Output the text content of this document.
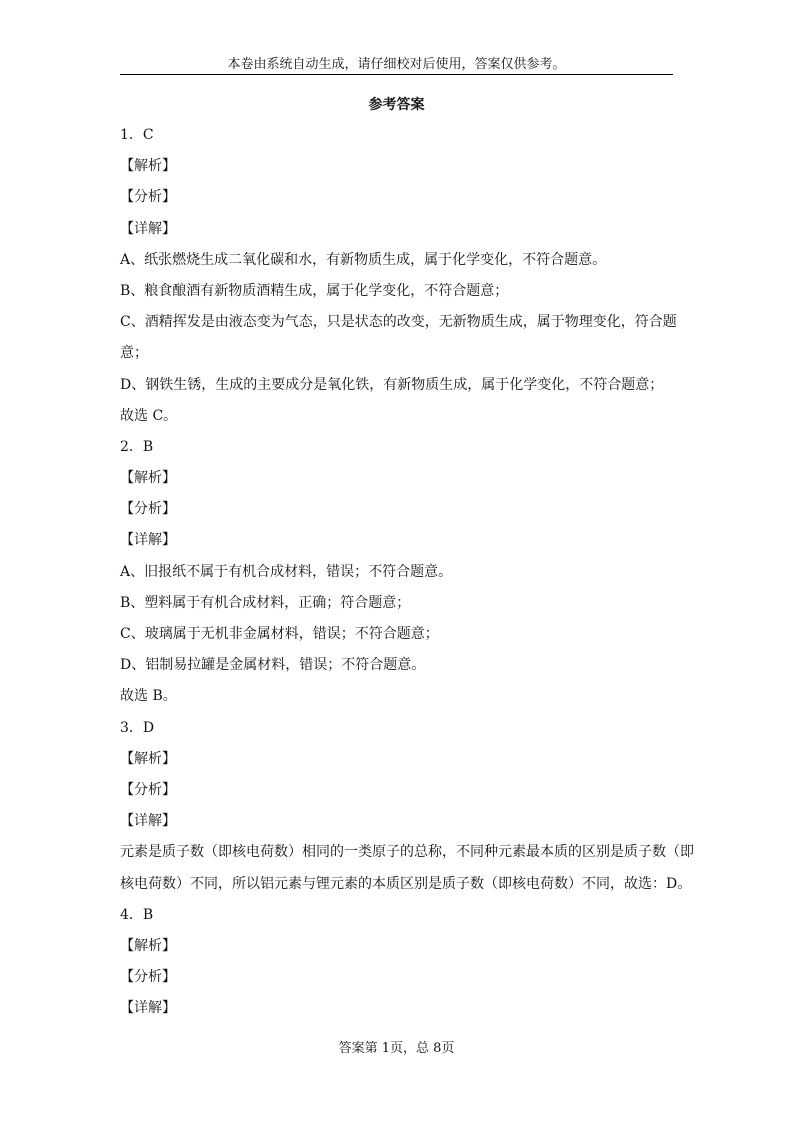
本卷由系统自动生成，请仔细校对后使用，答案仅供参考。
参考答案
1．C
【解析】
【分析】
【详解】
A、纸张燃烧生成二氧化碳和水，有新物质生成，属于化学变化，不符合题意。
B、粮食酿酒有新物质酒精生成，属于化学变化，不符合题意；
C、酒精挥发是由液态变为气态，只是状态的改变，无新物质生成，属于物理变化，符合题
意；
D、钢铁生锈，生成的主要成分是氧化铁，有新物质生成，属于化学变化，不符合题意；
故选 C。
2．B
【解析】
【分析】
【详解】
A、旧报纸不属于有机合成材料，错误；不符合题意。
B、塑料属于有机合成材料，正确；符合题意；
C、玻璃属于无机非金属材料，错误；不符合题意；
D、铝制易拉罐是金属材料，错误；不符合题意。
故选 B。
3．D
【解析】
【分析】
【详解】
元素是质子数（即核电荷数）相同的一类原子的总称，不同种元素最本质的区别是质子数（即
核电荷数）不同，所以铝元素与锂元素的本质区别是质子数（即核电荷数）不同，故选：D。
4．B
【解析】
【分析】
【详解】
答案第 1页，总 8页
